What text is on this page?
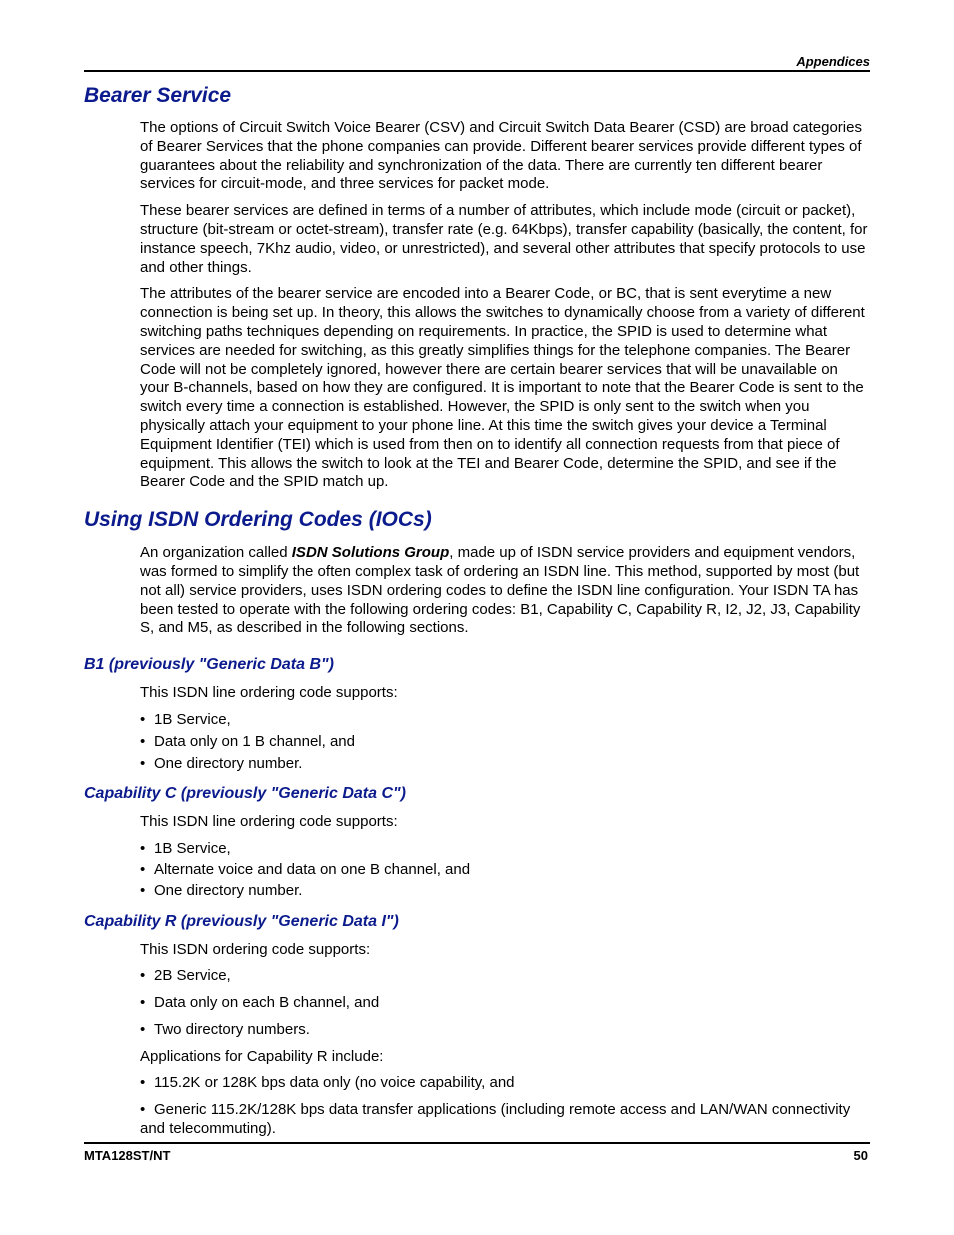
Appendices
Bearer Service

The options of Circuit Switch Voice Bearer (CSV) and Circuit Switch Data Bearer (CSD) are broad categories of Bearer Services that the phone companies can provide. Different bearer services provide different types of guarantees about the reliability and synchronization of the data. There are currently ten different bearer services for circuit-mode, and three services for packet mode.

These bearer services are defined in terms of a number of attributes, which include mode (circuit or packet), structure (bit-stream or octet-stream), transfer rate (e.g. 64Kbps), transfer capability (basically, the content, for instance speech, 7Khz audio, video, or unrestricted), and several other attributes that specify protocols to use and other things.

The attributes of the bearer service are encoded into a Bearer Code, or BC, that is sent everytime a new connection is being set up. In theory, this allows the switches to dynamically choose from a variety of different switching paths techniques depending on requirements. In practice, the SPID is used to determine what services are needed for switching, as this greatly simplifies things for the telephone companies. The Bearer Code will not be completely ignored, however there are certain bearer services that will be unavailable on your B-channels, based on how they are configured. It is important to note that the Bearer Code is sent to the switch every time a connection is established. However, the SPID is only sent to the switch when you physically attach your equipment to your phone line. At this time the switch gives your device a Terminal Equipment Identifier (TEI) which is used from then on to identify all connection requests from that piece of equipment. This allows the switch to look at the TEI and Bearer Code, determine the SPID, and see if the Bearer Code and the SPID match up.

Using ISDN Ordering Codes (IOCs)

An organization called ISDN Solutions Group, made up of ISDN service providers and equipment vendors, was formed to simplify the often complex task of ordering an ISDN line. This method, supported by most (but not all) service providers, uses ISDN ordering codes to define the ISDN line configuration. Your ISDN TA has been tested to operate with the following ordering codes: B1, Capability C, Capability R, I2, J2, J3, Capability S, and M5, as described in the following sections.

B1 (previously "Generic Data B")

This ISDN line ordering code supports:

• 1B Service,
• Data only on 1 B channel, and
• One directory number.
Capability C (previously "Generic Data C")

This ISDN line ordering code supports:

• 1B Service,
• Alternate voice and data on one B channel, and
• One directory number.
Capability R (previously "Generic Data I")

This ISDN ordering code supports:

• 2B Service,
• Data only on each B channel, and
• Two directory numbers.

Applications for Capability R include:

• 115.2K or 128K bps data only (no voice capability, and
• Generic 115.2K/128K bps data transfer applications (including remote access and LAN/WAN connectivity and telecommuting).
MTA128ST/NT	50
